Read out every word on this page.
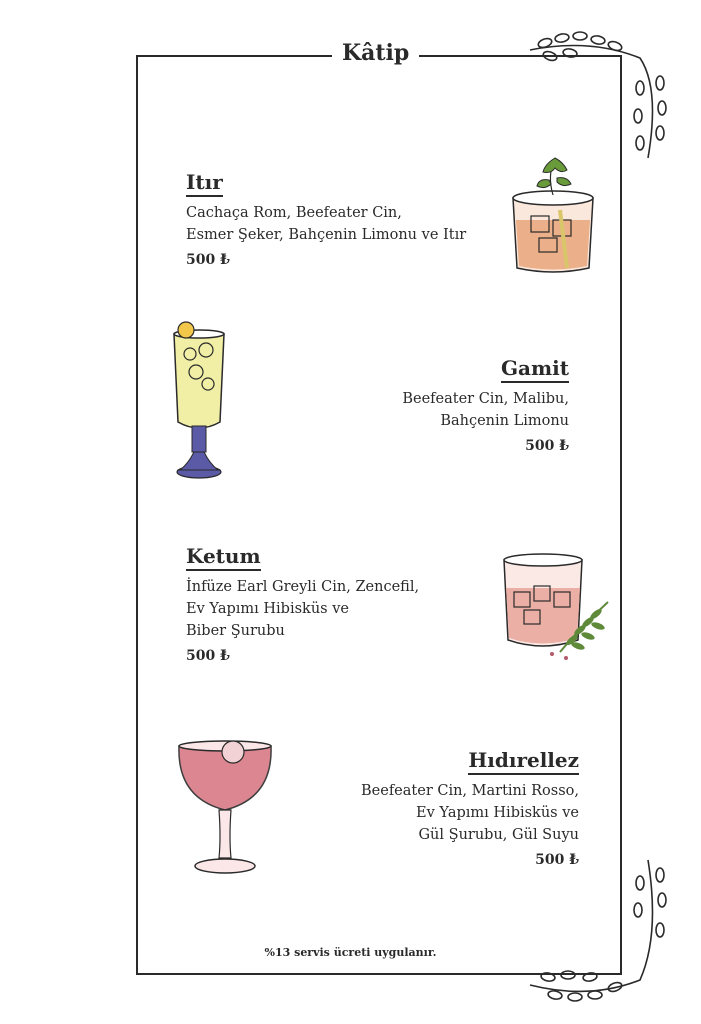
Kâtip
Itır
Cachaça Rom, Beefeater Cin,
Esmer Şeker, Bahçenin Limonu ve Itır
500 ₺
Gamit
Beefeater Cin, Malibu,
Bahçenin Limonu
500 ₺
Ketum
İnfüze Earl Greyli Cin, Zencefil,
Ev Yapımı Hibisküs ve
Biber Şurubu
500 ₺
Hıdırellez
Beefeater Cin, Martini Rosso,
Ev Yapımı Hibisküs ve
Gül Şurubu, Gül Suyu
500 ₺
%13 servis ücreti uygulanır.
